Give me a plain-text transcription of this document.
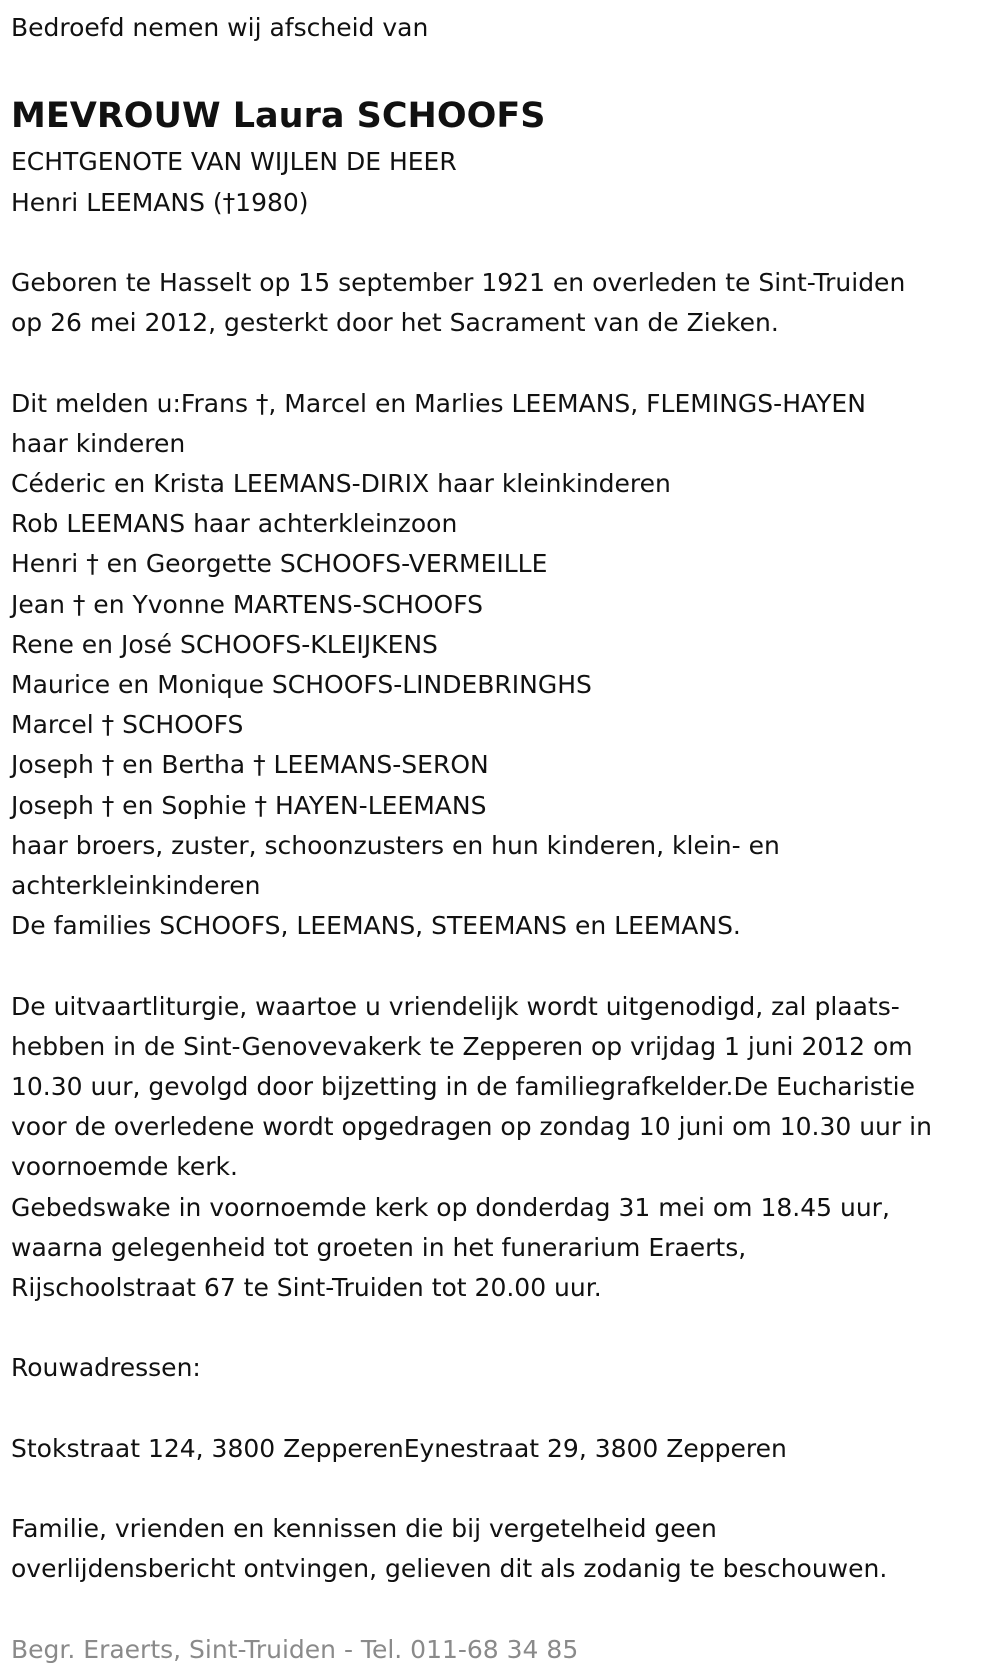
Bedroefd nemen wij afscheid van
MEVROUW Laura SCHOOFS
ECHTGENOTE VAN WIJLEN DE HEER
Henri LEEMANS (†1980)
Geboren te Hasselt op 15 september 1921 en overleden te Sint-Truiden
op 26 mei 2012, gesterkt door het Sacrament van de Zieken.
Dit melden u:Frans †, Marcel en Marlies LEEMANS, FLEMINGS-HAYEN
haar kinderen
Céderic en Krista LEEMANS-DIRIX haar kleinkinderen
Rob LEEMANS haar achterkleinzoon
Henri † en Georgette SCHOOFS-VERMEILLE
Jean † en Yvonne MARTENS-SCHOOFS
Rene en José SCHOOFS-KLEIJKENS
Maurice en Monique SCHOOFS-LINDEBRINGHS
Marcel † SCHOOFS
Joseph † en Bertha † LEEMANS-SERON
Joseph † en Sophie † HAYEN-LEEMANS
haar broers, zuster, schoonzusters en hun kinderen, klein- en
achterkleinkinderen
De families SCHOOFS, LEEMANS, STEEMANS en LEEMANS.
De uitvaartliturgie, waartoe u vriendelijk wordt uitgenodigd, zal plaats-
hebben in de Sint-Genovevakerk te Zepperen op vrijdag 1 juni 2012 om
10.30 uur, gevolgd door bijzetting in de familiegrafkelder.De Eucharistie
voor de overledene wordt opgedragen op zondag 10 juni om 10.30 uur in
voornoemde kerk.
Gebedswake in voornoemde kerk op donderdag 31 mei om 18.45 uur,
waarna gelegenheid tot groeten in het funerarium Eraerts,
Rijschoolstraat 67 te Sint-Truiden tot 20.00 uur.
Rouwadressen:
Stokstraat 124, 3800 ZepperenEynestraat 29, 3800 Zepperen
Familie, vrienden en kennissen die bij vergetelheid geen
overlijdensbericht ontvingen, gelieven dit als zodanig te beschouwen.
Begr. Eraerts, Sint-Truiden - Tel. 011-68 34 85
